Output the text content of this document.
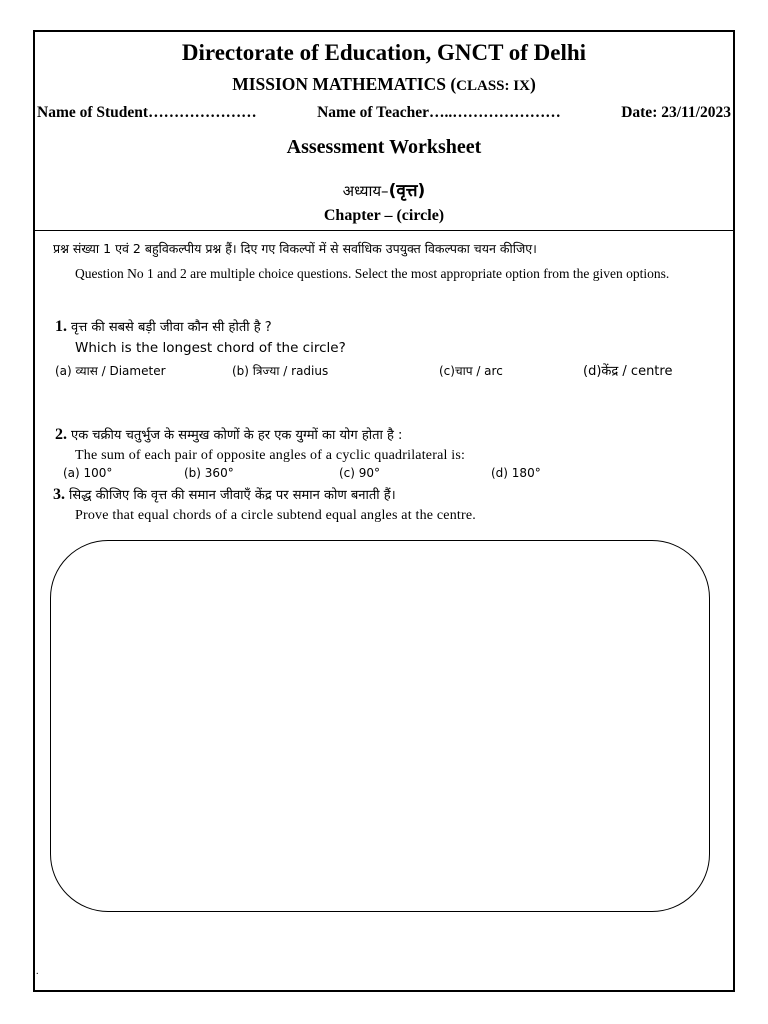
Directorate of Education, GNCT of Delhi
MISSION MATHEMATICS (CLASS: IX)
Name of Student…………………	Name of Teacher…..…………………	Date: 23/11/2023
Assessment Worksheet
अध्याय–(वृत्त)
Chapter – (circle)
प्रश्न संख्या 1 एवं 2 बहुविकल्पीय प्रश्न हैं। दिए गए विकल्पों में से सर्वाधिक उपयुक्त विकल्पका चयन कीजिए।
Question No 1 and 2 are multiple choice questions. Select the most appropriate option from the given options.
1. वृत्त की सबसे बड़ी जीवा कौन सी होती है ?
Which is the longest chord of the circle?
(a) व्यास / Diameter	(b) त्रिज्या / radius	(c)चाप / arc	(d)केंद्र / centre
2. एक चक्रीय चतुर्भुज के सम्मुख कोणों के हर एक युग्मों का योग होता है :
The sum of each pair of opposite angles of a cyclic quadrilateral is:
(a) 100°	(b) 360°	(c) 90°	(d) 180°
3. सिद्ध कीजिए कि वृत्त की समान जीवाएँ केंद्र पर समान कोण बनाती हैं।
Prove that equal chords of a circle subtend equal angles at the centre.
.
